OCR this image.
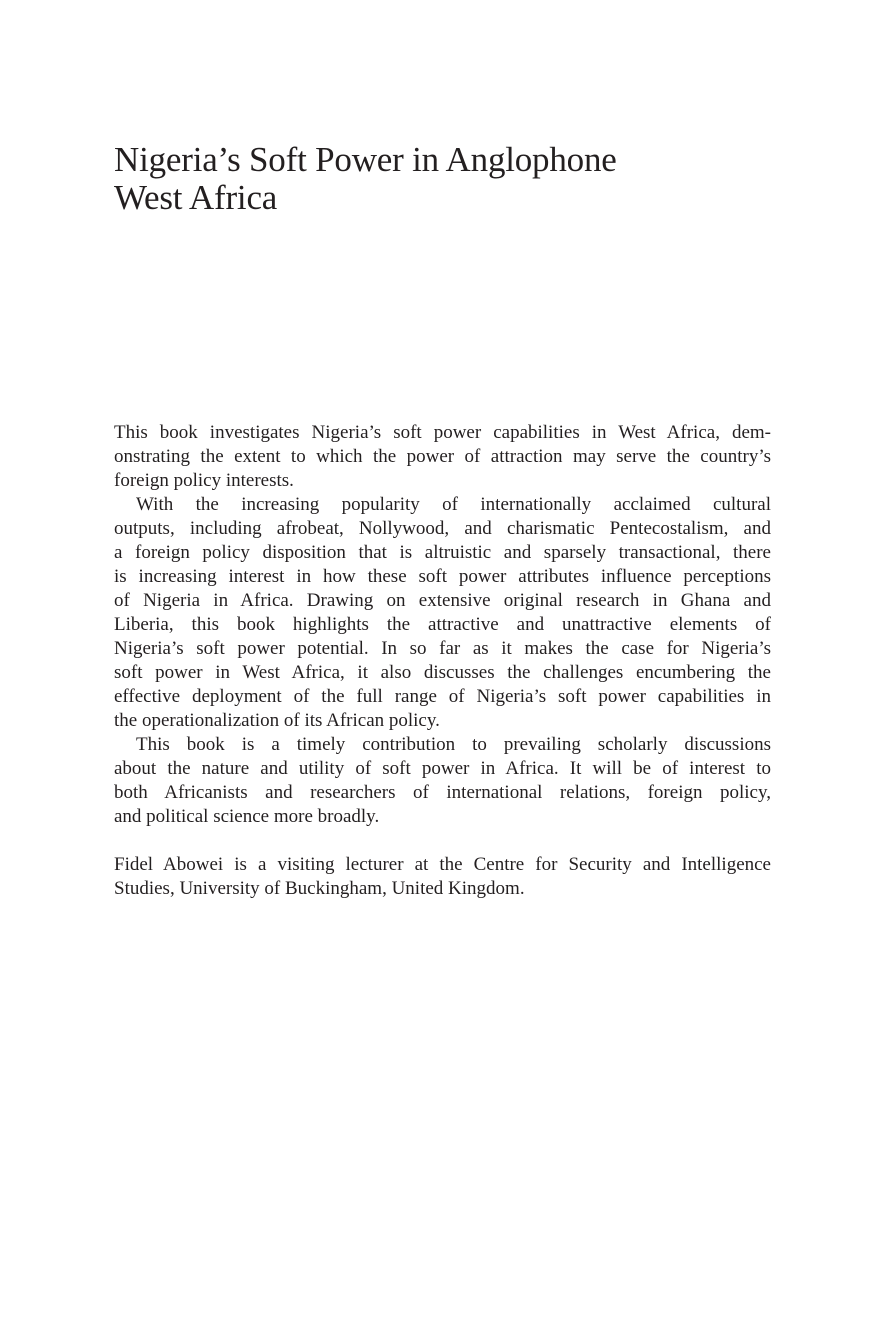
Nigeria’s Soft Power in Anglophone
West Africa

This book investigates Nigeria’s soft power capabilities in West Africa, dem-
onstrating the extent to which the power of attraction may serve the country’s
foreign policy interests.

With the increasing popularity of internationally acclaimed cultural
outputs, including afrobeat, Nollywood, and charismatic Pentecostalism, and
a foreign policy disposition that is altruistic and sparsely transactional, there
is increasing interest in how these soft power attributes influence perceptions
of Nigeria in Africa. Drawing on extensive original research in Ghana and
Liberia, this book highlights the attractive and unattractive elements of
Nigeria’s soft power potential. In so far as it makes the case for Nigeria’s
soft power in West Africa, it also discusses the challenges encumbering the
effective deployment of the full range of Nigeria’s soft power capabilities in
the operationalization of its African policy.

This book is a timely contribution to prevailing scholarly discussions
about the nature and utility of soft power in Africa. It will be of interest to
both Africanists and researchers of international relations, foreign policy,
and political science more broadly.

Fidel Abowei is a visiting lecturer at the Centre for Security and Intelligence
Studies, University of Buckingham, United Kingdom.
